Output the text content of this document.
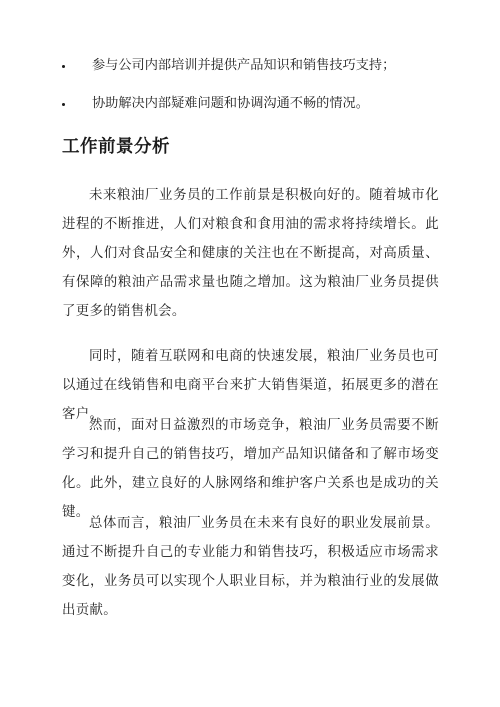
参与公司内部培训并提供产品知识和销售技巧支持；
协助解决内部疑难问题和协调沟通不畅的情况。
工作前景分析

未来粮油厂业务员的工作前景是积极向好的。随着城市化进程的不断推进，人们对粮食和食用油的需求将持续增长。此外，人们对食品安全和健康的关注也在不断提高，对高质量、有保障的粮油产品需求量也随之增加。这为粮油厂业务员提供了更多的销售机会。

同时，随着互联网和电商的快速发展，粮油厂业务员也可以通过在线销售和电商平台来扩大销售渠道，拓展更多的潜在客户。

然而，面对日益激烈的市场竞争，粮油厂业务员需要不断学习和提升自己的销售技巧，增加产品知识储备和了解市场变化。此外，建立良好的人脉网络和维护客户关系也是成功的关键。

总体而言，粮油厂业务员在未来有良好的职业发展前景。通过不断提升自己的专业能力和销售技巧，积极适应市场需求变化，业务员可以实现个人职业目标，并为粮油行业的发展做出贡献。
